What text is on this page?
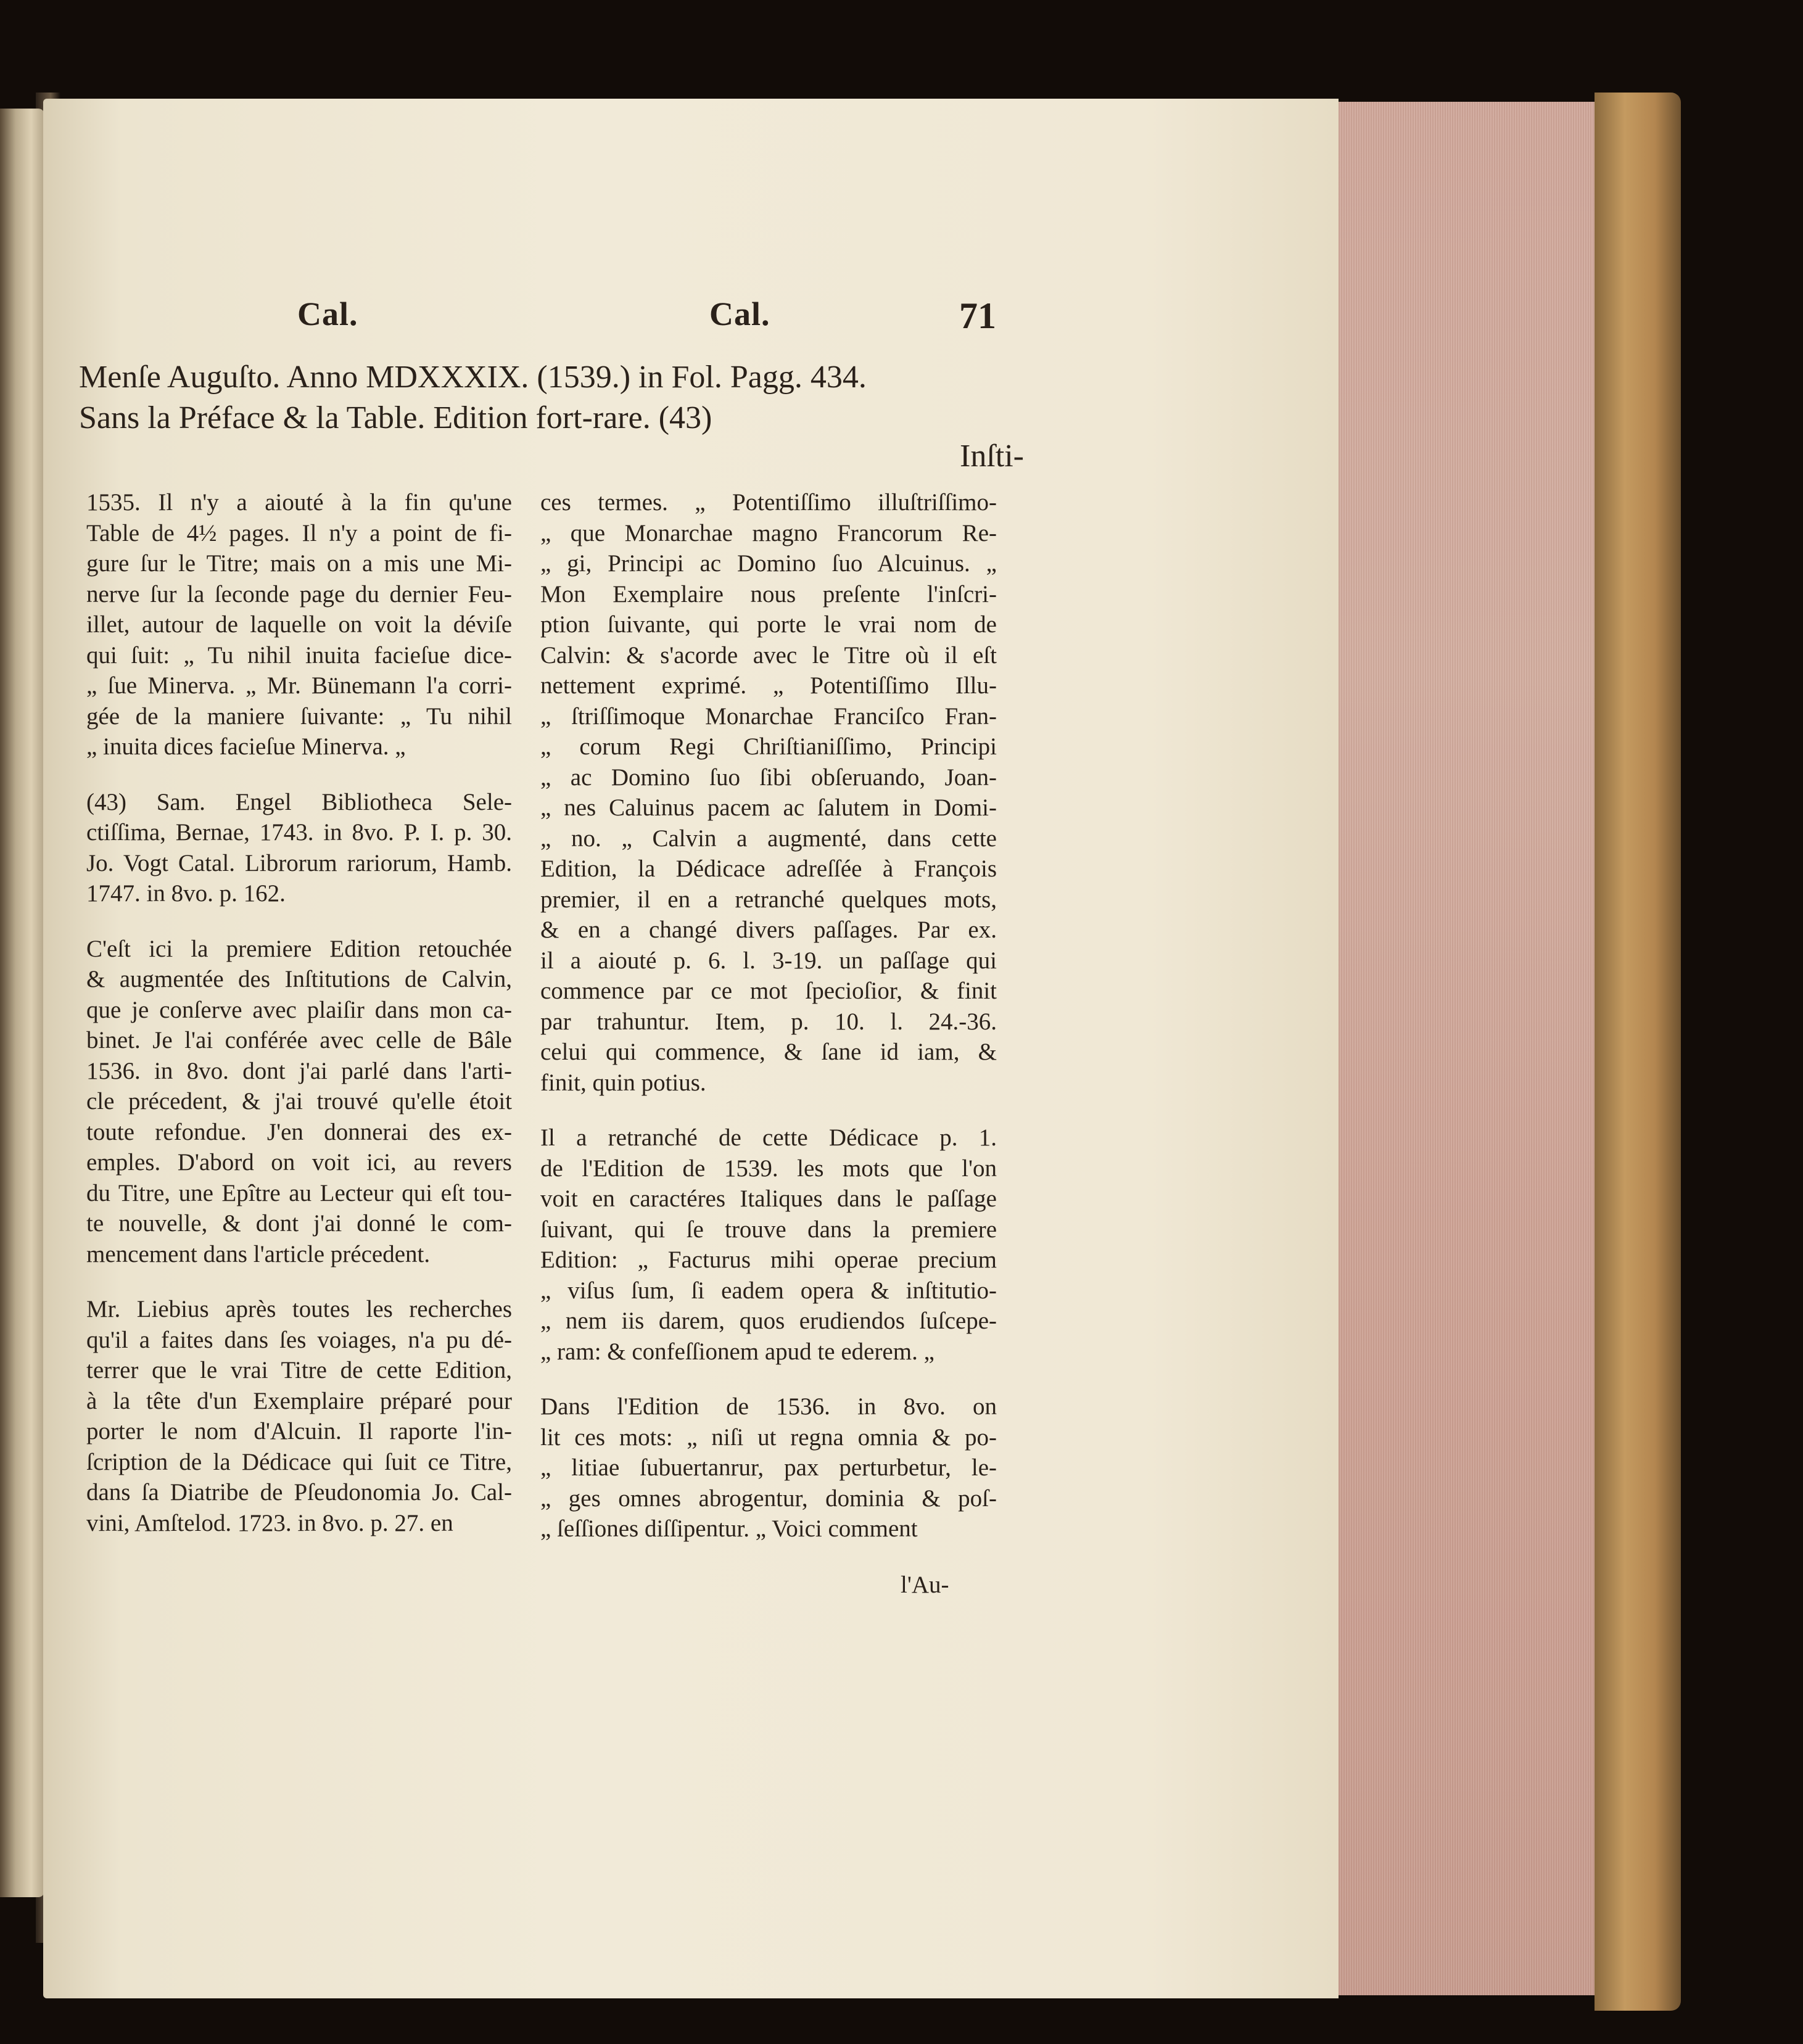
Cal.	Cal.	71
Menſe Auguſto. Anno MDXXXIX. (1539.) in Fol. Pagg. 434.
Sans la Préface & la Table. Edition fort-rare. (43)
Inſti-
1535. Il n'y a aiouté à la fin qu'une
Table de 4½ pages. Il n'y a point de fi-
gure ſur le Titre; mais on a mis une Mi-
nerve ſur la ſeconde page du dernier Feu-
illet, autour de laquelle on voit la déviſe
qui ſuit: „ Tu nihil inuita facieſue dice-
„ ſue Minerva. „ Mr. Bünemann l'a corri-
gée de la maniere ſuivante: „ Tu nihil
„ inuita dices facieſue Minerva. „
(43) Sam. Engel Bibliotheca Sele-
ctiſſima, Bernae, 1743. in 8vo. P. I. p. 30.
Jo. Vogt Catal. Librorum rariorum, Hamb.
1747. in 8vo. p. 162.
C'eſt ici la premiere Edition retouchée
& augmentée des Inſtitutions de Calvin,
que je conſerve avec plaiſir dans mon ca-
binet. Je l'ai conférée avec celle de Bâle
1536. in 8vo. dont j'ai parlé dans l'arti-
cle précedent, & j'ai trouvé qu'elle étoit
toute refondue. J'en donnerai des ex-
emples. D'abord on voit ici, au revers
du Titre, une Epître au Lecteur qui eſt tou-
te nouvelle, & dont j'ai donné le com-
mencement dans l'article précedent.
Mr. Liebius après toutes les recherches
qu'il a faites dans ſes voiages, n'a pu dé-
terrer que le vrai Titre de cette Edition,
à la tête d'un Exemplaire préparé pour
porter le nom d'Alcuin. Il raporte l'in-
ſcription de la Dédicace qui ſuit ce Titre,
dans ſa Diatribe de Pſeudonomia Jo. Cal-
vini, Amſtelod. 1723. in 8vo. p. 27. en
ces termes. „ Potentiſſimo illuſtriſſimo-
„ que Monarchae magno Francorum Re-
„ gi, Principi ac Domino ſuo Alcuinus. „
Mon Exemplaire nous preſente l'inſcri-
ption ſuivante, qui porte le vrai nom de
Calvin: & s'acorde avec le Titre où il eſt
nettement exprimé. „ Potentiſſimo Illu-
„ ſtriſſimoque Monarchae Franciſco Fran-
„ corum Regi Chriſtianiſſimo, Principi
„ ac Domino ſuo ſibi obſeruando, Joan-
„ nes Caluinus pacem ac ſalutem in Domi-
„ no. „ Calvin a augmenté, dans cette
Edition, la Dédicace adreſſée à François
premier, il en a retranché quelques mots,
& en a changé divers paſſages. Par ex.
il a aiouté p. 6. l. 3-19. un paſſage qui
commence par ce mot ſpecioſior, & finit
par trahuntur. Item, p. 10. l. 24.-36.
celui qui commence, & ſane id iam, &
finit, quin potius.
Il a retranché de cette Dédicace p. 1.
de l'Edition de 1539. les mots que l'on
voit en caractéres Italiques dans le paſſage
ſuivant, qui ſe trouve dans la premiere
Edition: „ Facturus mihi operae precium
„ viſus ſum, ſi eadem opera & inſtitutio-
„ nem iis darem, quos erudiendos ſuſcepe-
„ ram: & confeſſionem apud te ederem. „
Dans l'Edition de 1536. in 8vo. on
lit ces mots: „ niſi ut regna omnia & po-
„ litiae ſubuertanrur, pax perturbetur, le-
„ ges omnes abrogentur, dominia & poſ-
„ ſeſſiones diſſipentur. „ Voici comment
l'Au-
